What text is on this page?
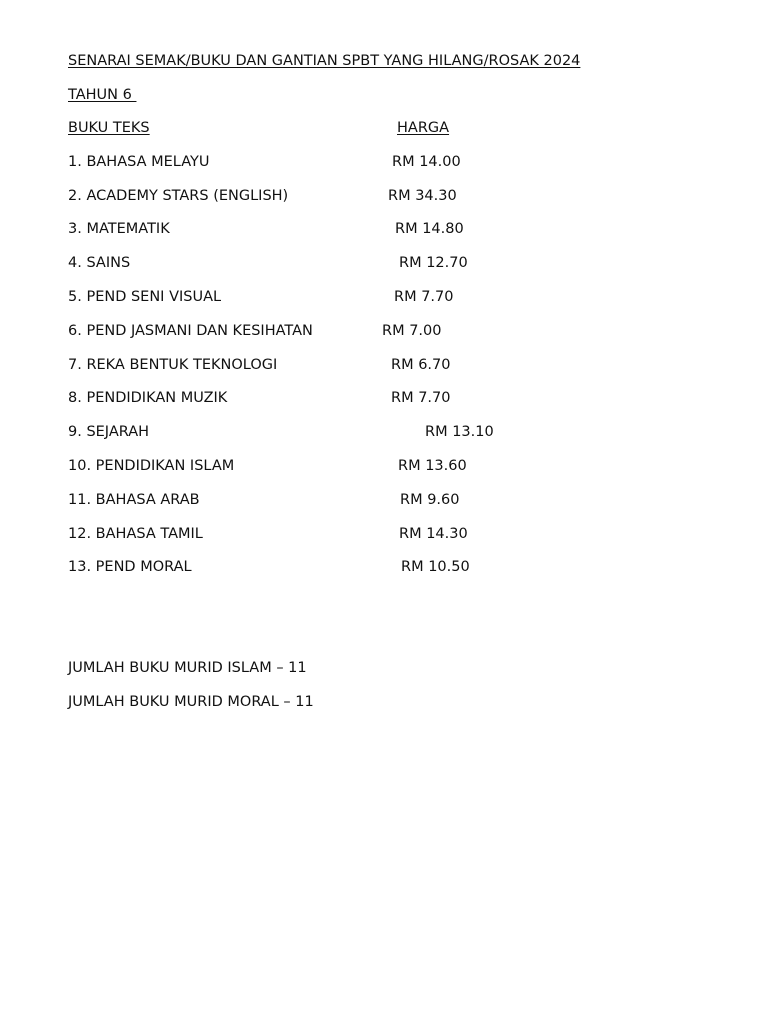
SENARAI SEMAK/BUKU DAN GANTIAN SPBT YANG HILANG/ROSAK 2024
TAHUN 6
BUKU TEKS	HARGA
1. BAHASA MELAYU	RM 14.00
2. ACADEMY STARS (ENGLISH)	RM 34.30
3. MATEMATIK	RM 14.80
4. SAINS	RM 12.70
5. PEND SENI VISUAL	RM 7.70
6. PEND JASMANI DAN KESIHATAN	RM 7.00
7. REKA BENTUK TEKNOLOGI	RM 6.70
8. PENDIDIKAN MUZIK	RM 7.70
9. SEJARAH	RM 13.10
10. PENDIDIKAN ISLAM	RM 13.60
11. BAHASA ARAB	RM 9.60
12. BAHASA TAMIL	RM 14.30
13. PEND MORAL	RM 10.50
JUMLAH BUKU MURID ISLAM – 11
JUMLAH BUKU MURID MORAL – 11
